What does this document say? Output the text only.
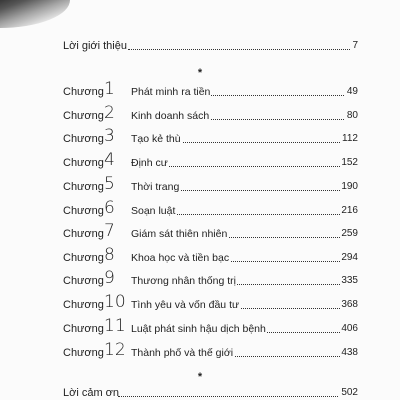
Lời giới thiệu	7
*
Chương 1	Phát minh ra tiền	49
Chương 2	Kinh doanh sách	80
Chương 3	Tạo kẻ thù	112
Chương 4	Định cư	152
Chương 5	Thời trang	190
Chương 6	Soạn luật	216
Chương 7	Giám sát thiên nhiên	259
Chương 8	Khoa học và tiền bạc	294
Chương 9	Thương nhân thống trị	335
Chương 10 Tình yêu và vốn đầu tư	368
Chương 11 Luật phát sinh hậu dịch bệnh	406
Chương 12 Thành phố và thế giới	438
*
Lời cảm ơn	502
